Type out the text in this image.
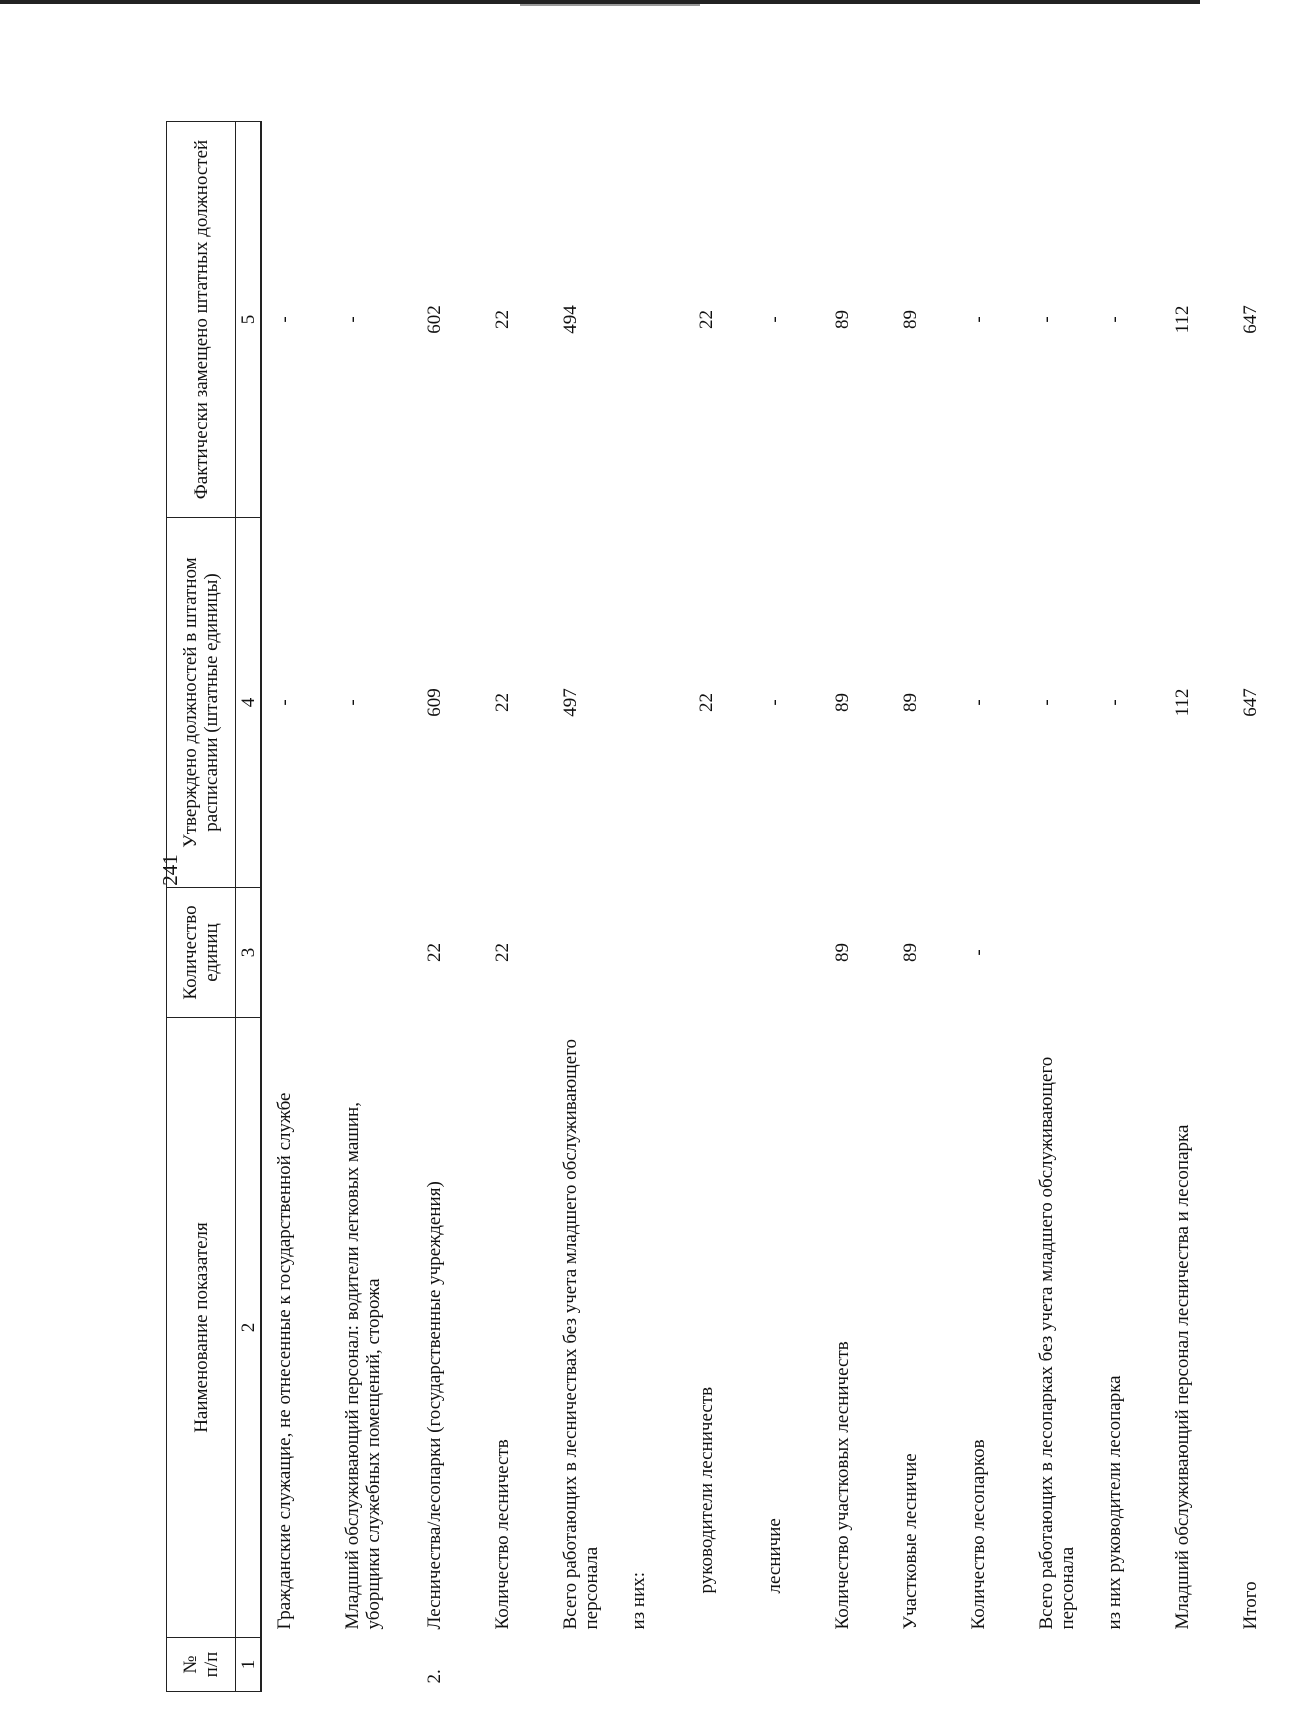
241
№
п/п	Наименование показателя	Количество единиц	Утверждено должностей в штатном расписании (штатные единицы)	Фактически замещено штатных должностей
1	2	3	4	5
	Гражданские служащие, не отнесенные к государственной службе		-	-
	Младший обслуживающий персонал: водители легковых машин, уборщики служебных помещений, сторожа		-	-
2.	Лесничества/лесопарки (государственные учреждения)	22	609	602
	Количество лесничеств	22	22	22
	Всего работающих в лесничествах без учета младшего обслуживающего персонала		497	494
	из них:			
	руководители лесничеств		22	22
	лесничие		-	-
	Количество участковых лесничеств	89	89	89
	Участковые лесничие	89	89	89
	Количество лесопарков	-	-	-
	Всего работающих в лесопарках без учета младшего обслуживающего персонала		-	-
	из них руководители лесопарка		-	-
	Младший обслуживающий персонал лесничества и лесопарка		112	112
	Итого		647	647
